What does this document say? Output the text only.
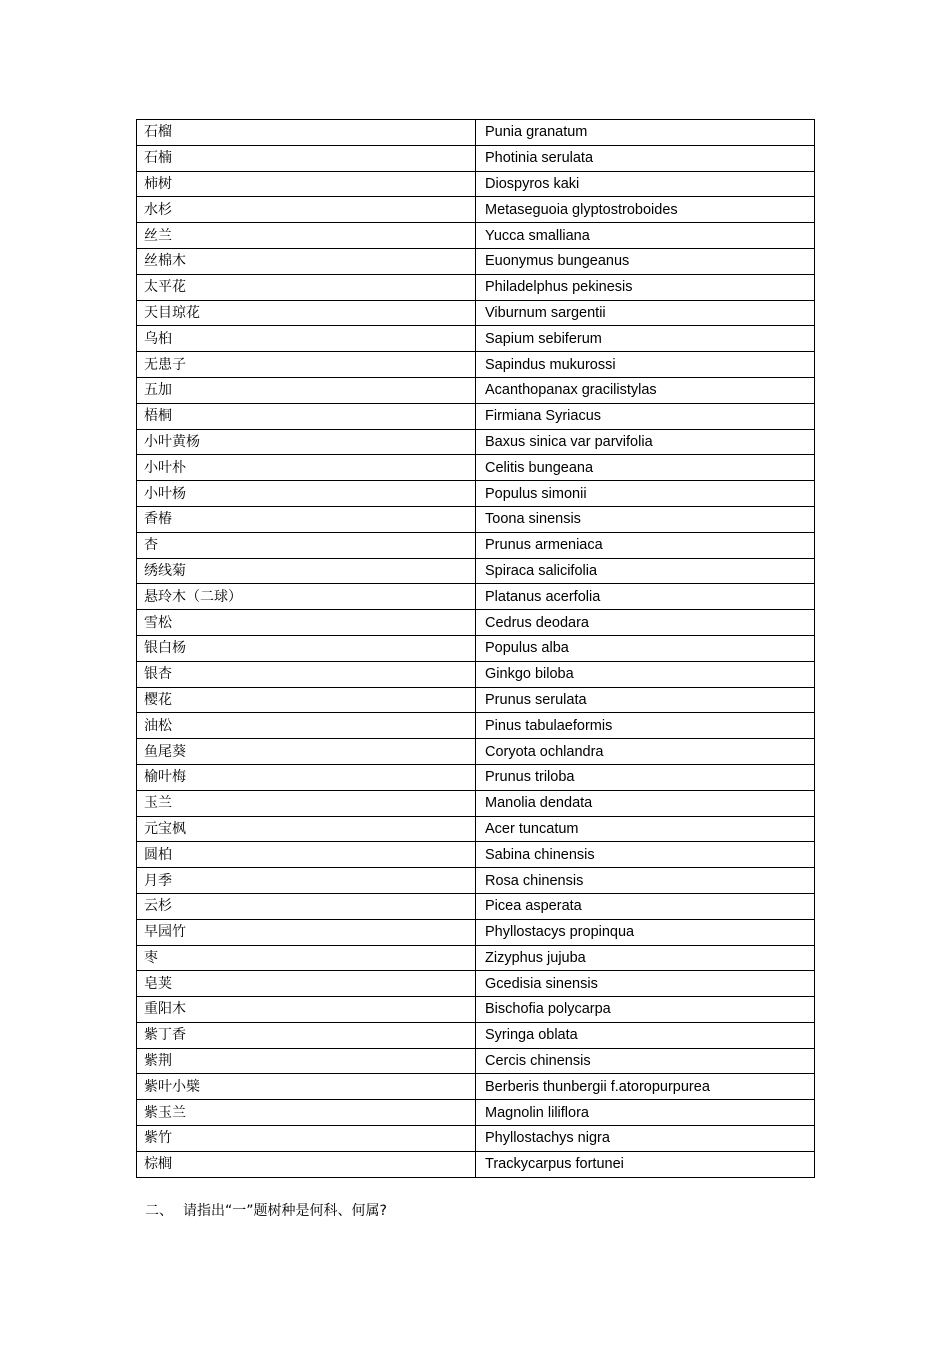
石榴	Punia granatum
石楠	Photinia serulata
柿树	Diospyros kaki
水杉	Metaseguoia glyptostroboides
丝兰	Yucca smalliana
丝棉木	Euonymus bungeanus
太平花	Philadelphus pekinesis
天目琼花	Viburnum sargentii
乌桕	Sapium sebiferum
无患子	Sapindus mukurossi
五加	Acanthopanax gracilistylas
梧桐	Firmiana Syriacus
小叶黄杨	Baxus sinica var parvifolia
小叶朴	Celitis bungeana
小叶杨	Populus simonii
香椿	Toona sinensis
杏	Prunus armeniaca
绣线菊	Spiraca salicifolia
悬玲木（二球）	Platanus acerfolia
雪松	Cedrus deodara
银白杨	Populus alba
银杏	Ginkgo biloba
樱花	Prunus serulata
油松	Pinus tabulaeformis
鱼尾葵	Coryota ochlandra
榆叶梅	Prunus triloba
玉兰	Manolia dendata
元宝枫	Acer tuncatum
圆柏	Sabina chinensis
月季	Rosa chinensis
云杉	Picea asperata
早园竹	Phyllostacys propinqua
枣	Zizyphus jujuba
皂荚	Gcedisia sinensis
重阳木	Bischofia polycarpa
紫丁香	Syringa oblata
紫荆	Cercis chinensis
紫叶小檗	Berberis thunbergii f.atoropurpurea
紫玉兰	Magnolin liliflora
紫竹	Phyllostachys nigra
棕榈	Trackycarpus fortunei
二、 请指出“一”题树种是何科、何属?
